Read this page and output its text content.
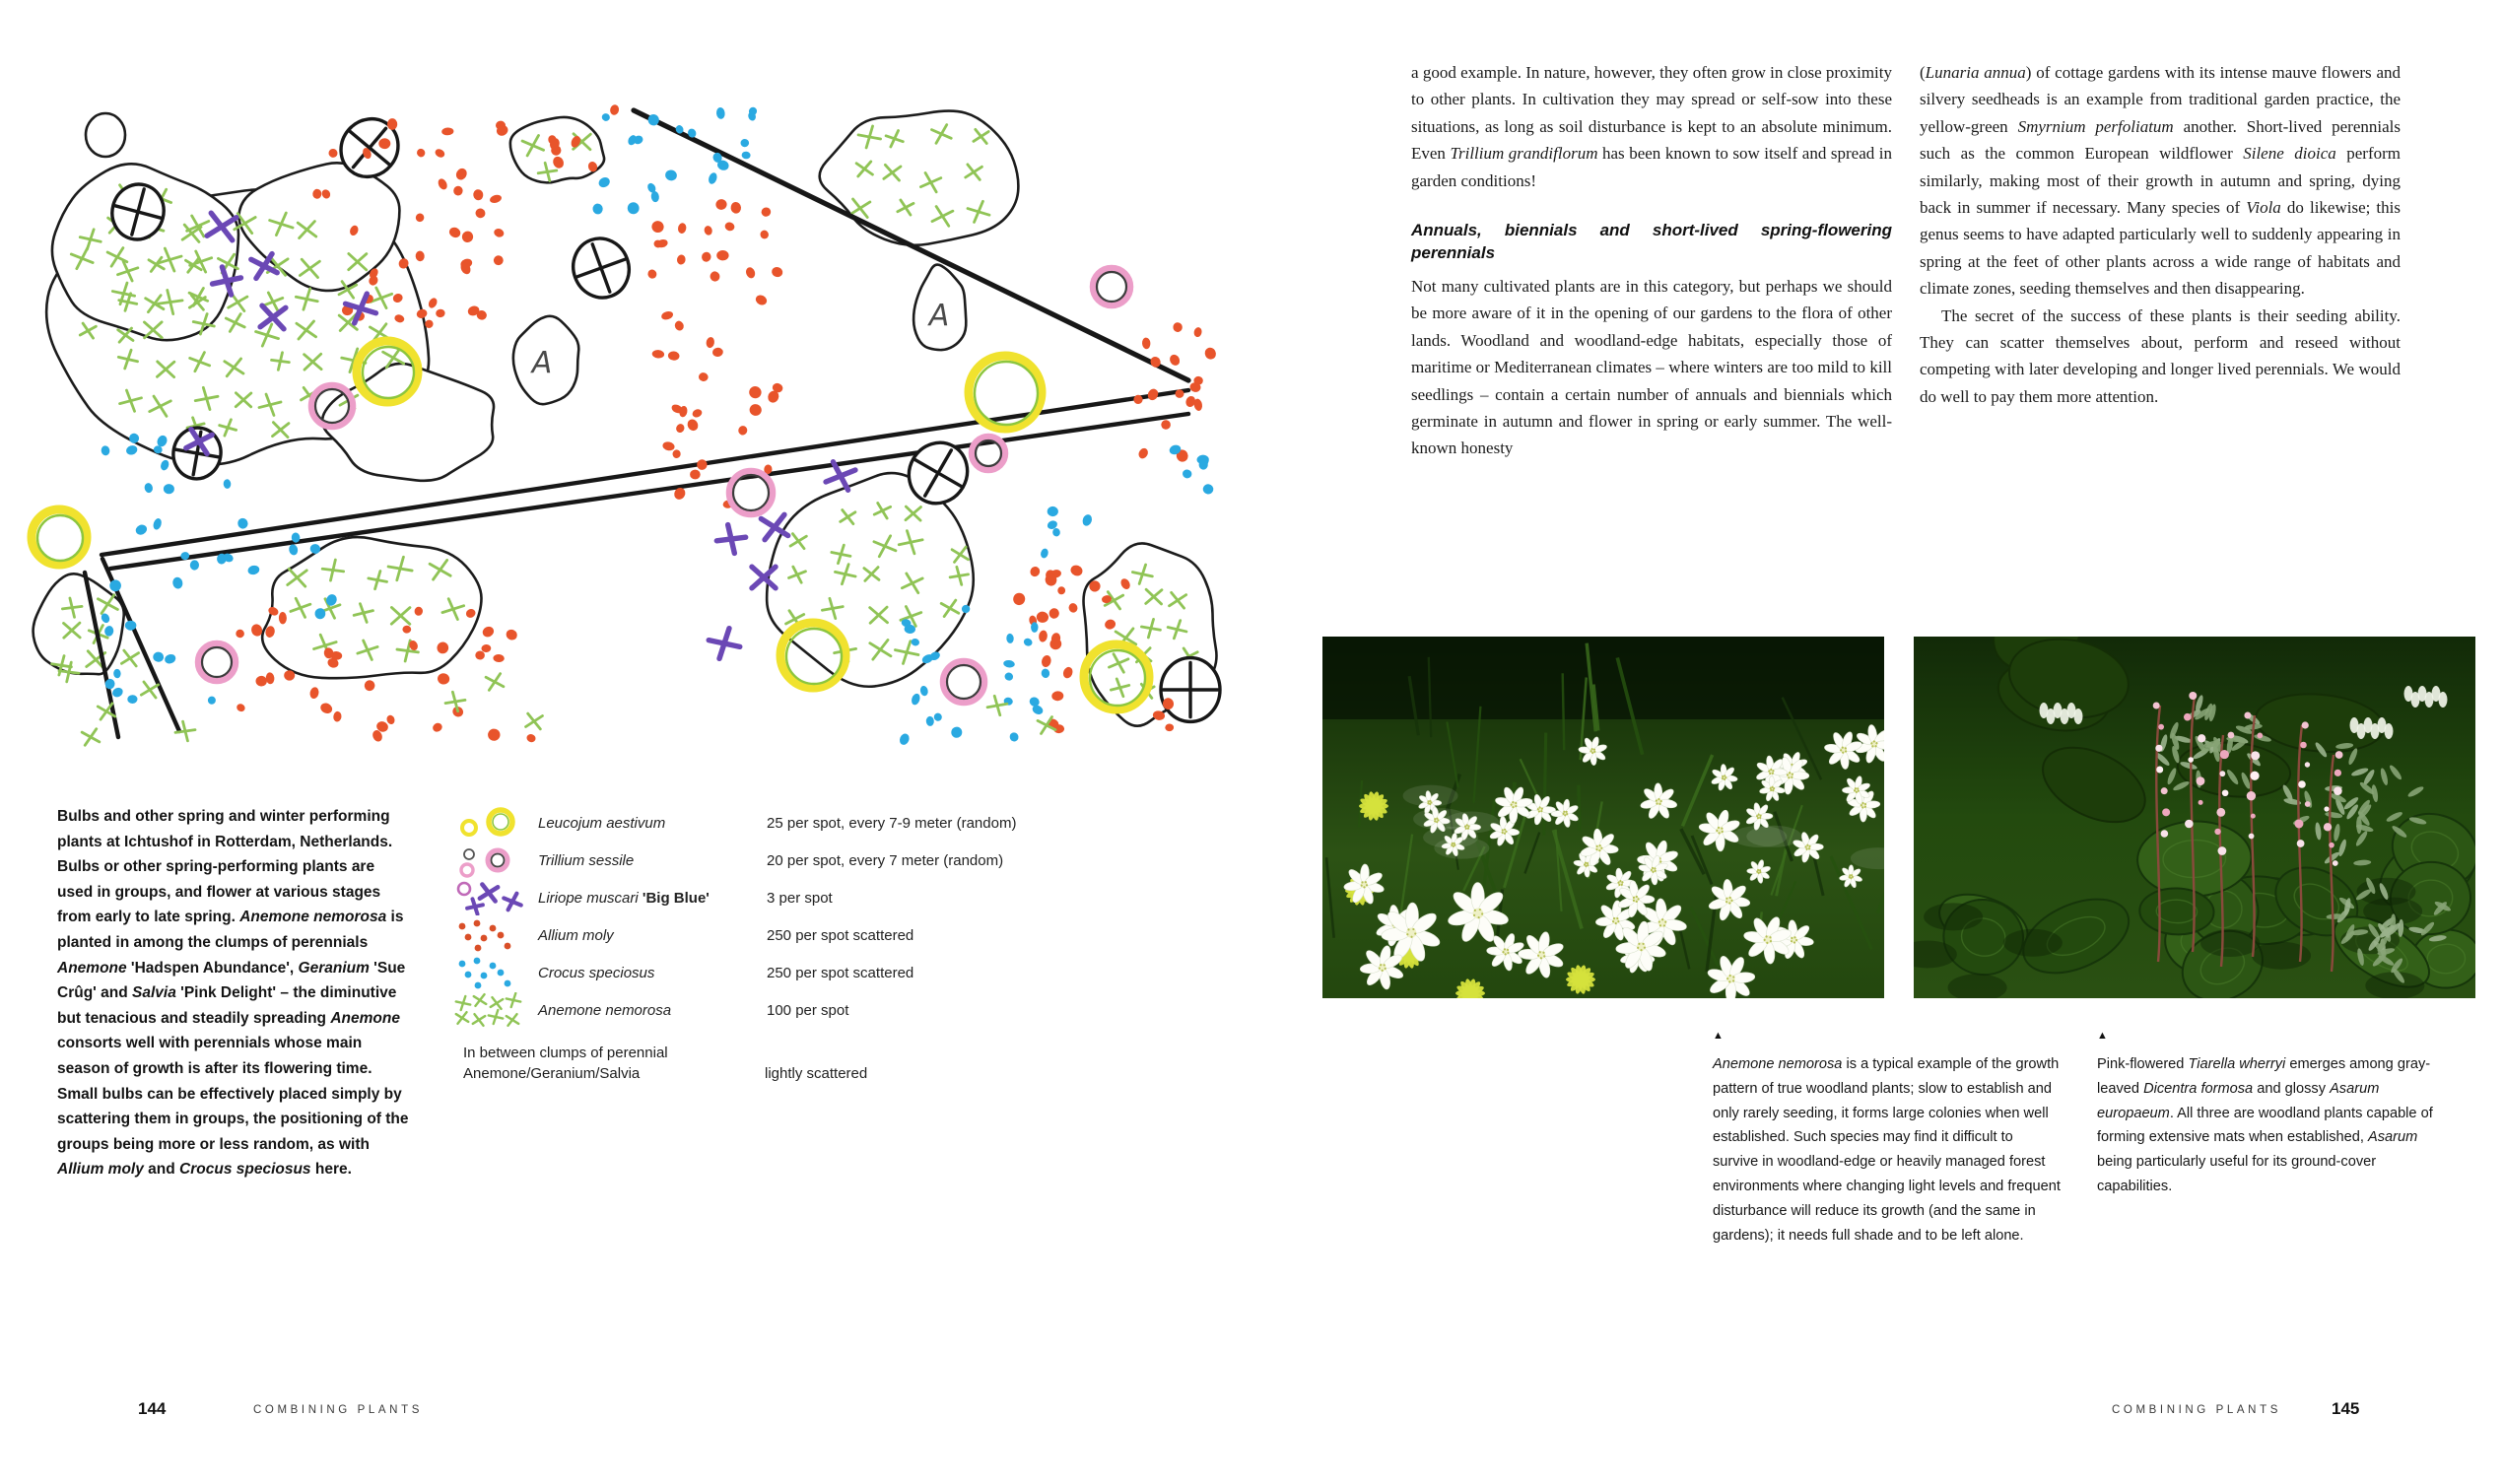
A
A
Bulbs and other spring and winter performing plants at Ichtushof in Rotterdam, Netherlands. Bulbs or other spring-performing plants are used in groups, and flower at various stages from early to late spring. Anemone nemorosa is planted in among the clumps of perennials Anemone 'Hadspen Abundance', Geranium 'Sue Crûg' and Salvia 'Pink Delight' – the diminutive but tenacious and steadily spreading Anemone consorts well with perennials whose main season of growth is after its flowering time. Small bulbs can be effectively placed simply by scattering them in groups, the positioning of the groups being more or less random, as with Allium moly and Crocus speciosus here.
Leucojum aestivum	25 per spot, every 7-9 meter (random)
Trillium sessile	20 per spot, every 7 meter (random)
Liriope muscari 'Big Blue'	3 per spot
Allium moly	250 per spot scattered
Crocus speciosus	250 per spot scattered
Anemone nemorosa	100 per spot
In between clumps of perennial Anemone/Geranium/Salvia	lightly scattered
144	COMBINING PLANTS

a good example. In nature, however, they often grow in close proximity to other plants. In cultivation they may spread or self-sow into these situations, as long as soil disturbance is kept to an absolute minimum. Even Trillium grandiflorum has been known to sow itself and spread in garden conditions!

Annuals, biennials and short-lived spring-flowering perennials

Not many cultivated plants are in this category, but perhaps we should be more aware of it in the opening of our gardens to the flora of other lands. Woodland and woodland-edge habitats, especially those of maritime or Mediterranean climates – where winters are too mild to kill seedlings – contain a certain number of annuals and biennials which germinate in autumn and flower in spring or early summer. The well-known honesty

(Lunaria annua) of cottage gardens with its intense mauve flowers and silvery seedheads is an example from traditional garden practice, the yellow-green Smyrnium perfoliatum another. Short-lived perennials such as the common European wildflower Silene dioica perform similarly, making most of their growth in autumn and spring, dying back in summer if necessary. Many species of Viola do likewise; this genus seems to have adapted particularly well to suddenly appearing in spring at the feet of other plants across a wide range of habitats and climate zones, seeding themselves and then disappearing.

The secret of the success of these plants is their seeding ability. They can scatter themselves about, perform and reseed without competing with later developing and longer lived perennials. We would do well to pay them more attention.

▲
Anemone nemorosa is a typical example of the growth pattern of true woodland plants; slow to establish and only rarely seeding, it forms large colonies when well established. Such species may find it difficult to survive in woodland-edge or heavily managed forest environments where changing light levels and frequent disturbance will reduce its growth (and the same in gardens); it needs full shade and to be left alone.
▲
Pink-flowered Tiarella wherryi emerges among gray-leaved Dicentra formosa and glossy Asarum europaeum. All three are woodland plants capable of forming extensive mats when established, Asarum being particularly useful for its ground-cover capabilities.
COMBINING PLANTS	145
